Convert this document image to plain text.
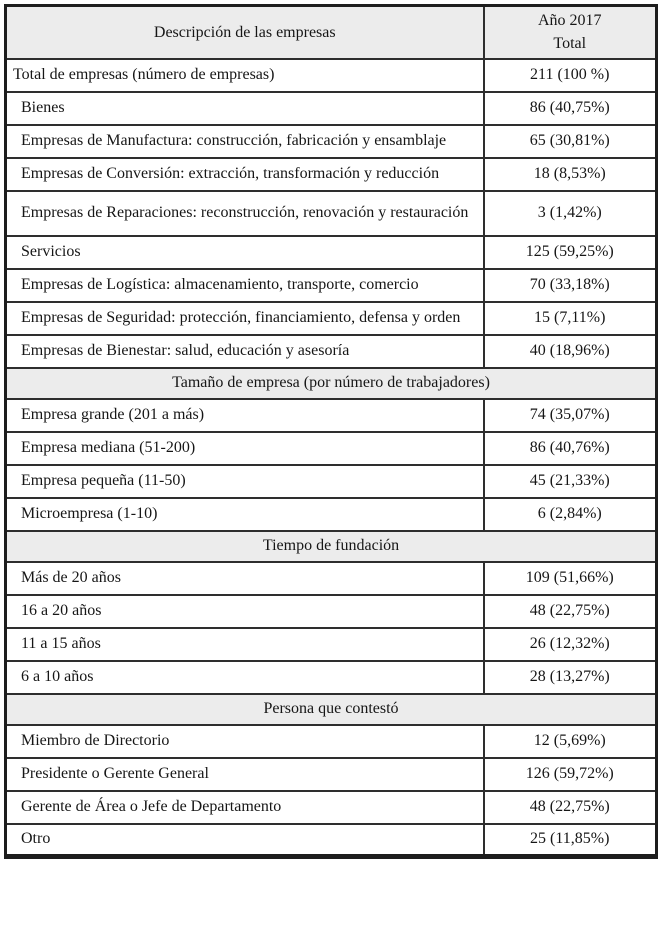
Descripción de las empresas	Año 2017
Total

Total de empresas (número de empresas)	211 (100 %)
Bienes	86 (40,75%)
Empresas de Manufactura: construcción, fabricación y ensamblaje	65 (30,81%)
Empresas de Conversión: extracción, transformación y reducción	18 (8,53%)
Empresas de Reparaciones: reconstrucción, renovación y restauración	3 (1,42%)
Servicios	125 (59,25%)
Empresas de Logística: almacenamiento, transporte, comercio	70 (33,18%)
Empresas de Seguridad: protección, financiamiento, defensa y orden	15 (7,11%)
Empresas de Bienestar: salud, educación y asesoría	40 (18,96%)
Tamaño de empresa (por número de trabajadores)	
Empresa grande (201 a más)	74 (35,07%)
Empresa mediana (51-200)	86 (40,76%)
Empresa pequeña (11-50)	45 (21,33%)
Microempresa (1-10)	6 (2,84%)
Tiempo de fundación	
Más de 20 años	109 (51,66%)
16 a 20 años	48 (22,75%)
11 a 15 años	26 (12,32%)
6 a 10 años	28 (13,27%)
Persona que contestó	
Miembro de Directorio	12 (5,69%)
Presidente o Gerente General	126 (59,72%)
Gerente de Área o Jefe de Departamento	48 (22,75%)
Otro	25 (11,85%)
